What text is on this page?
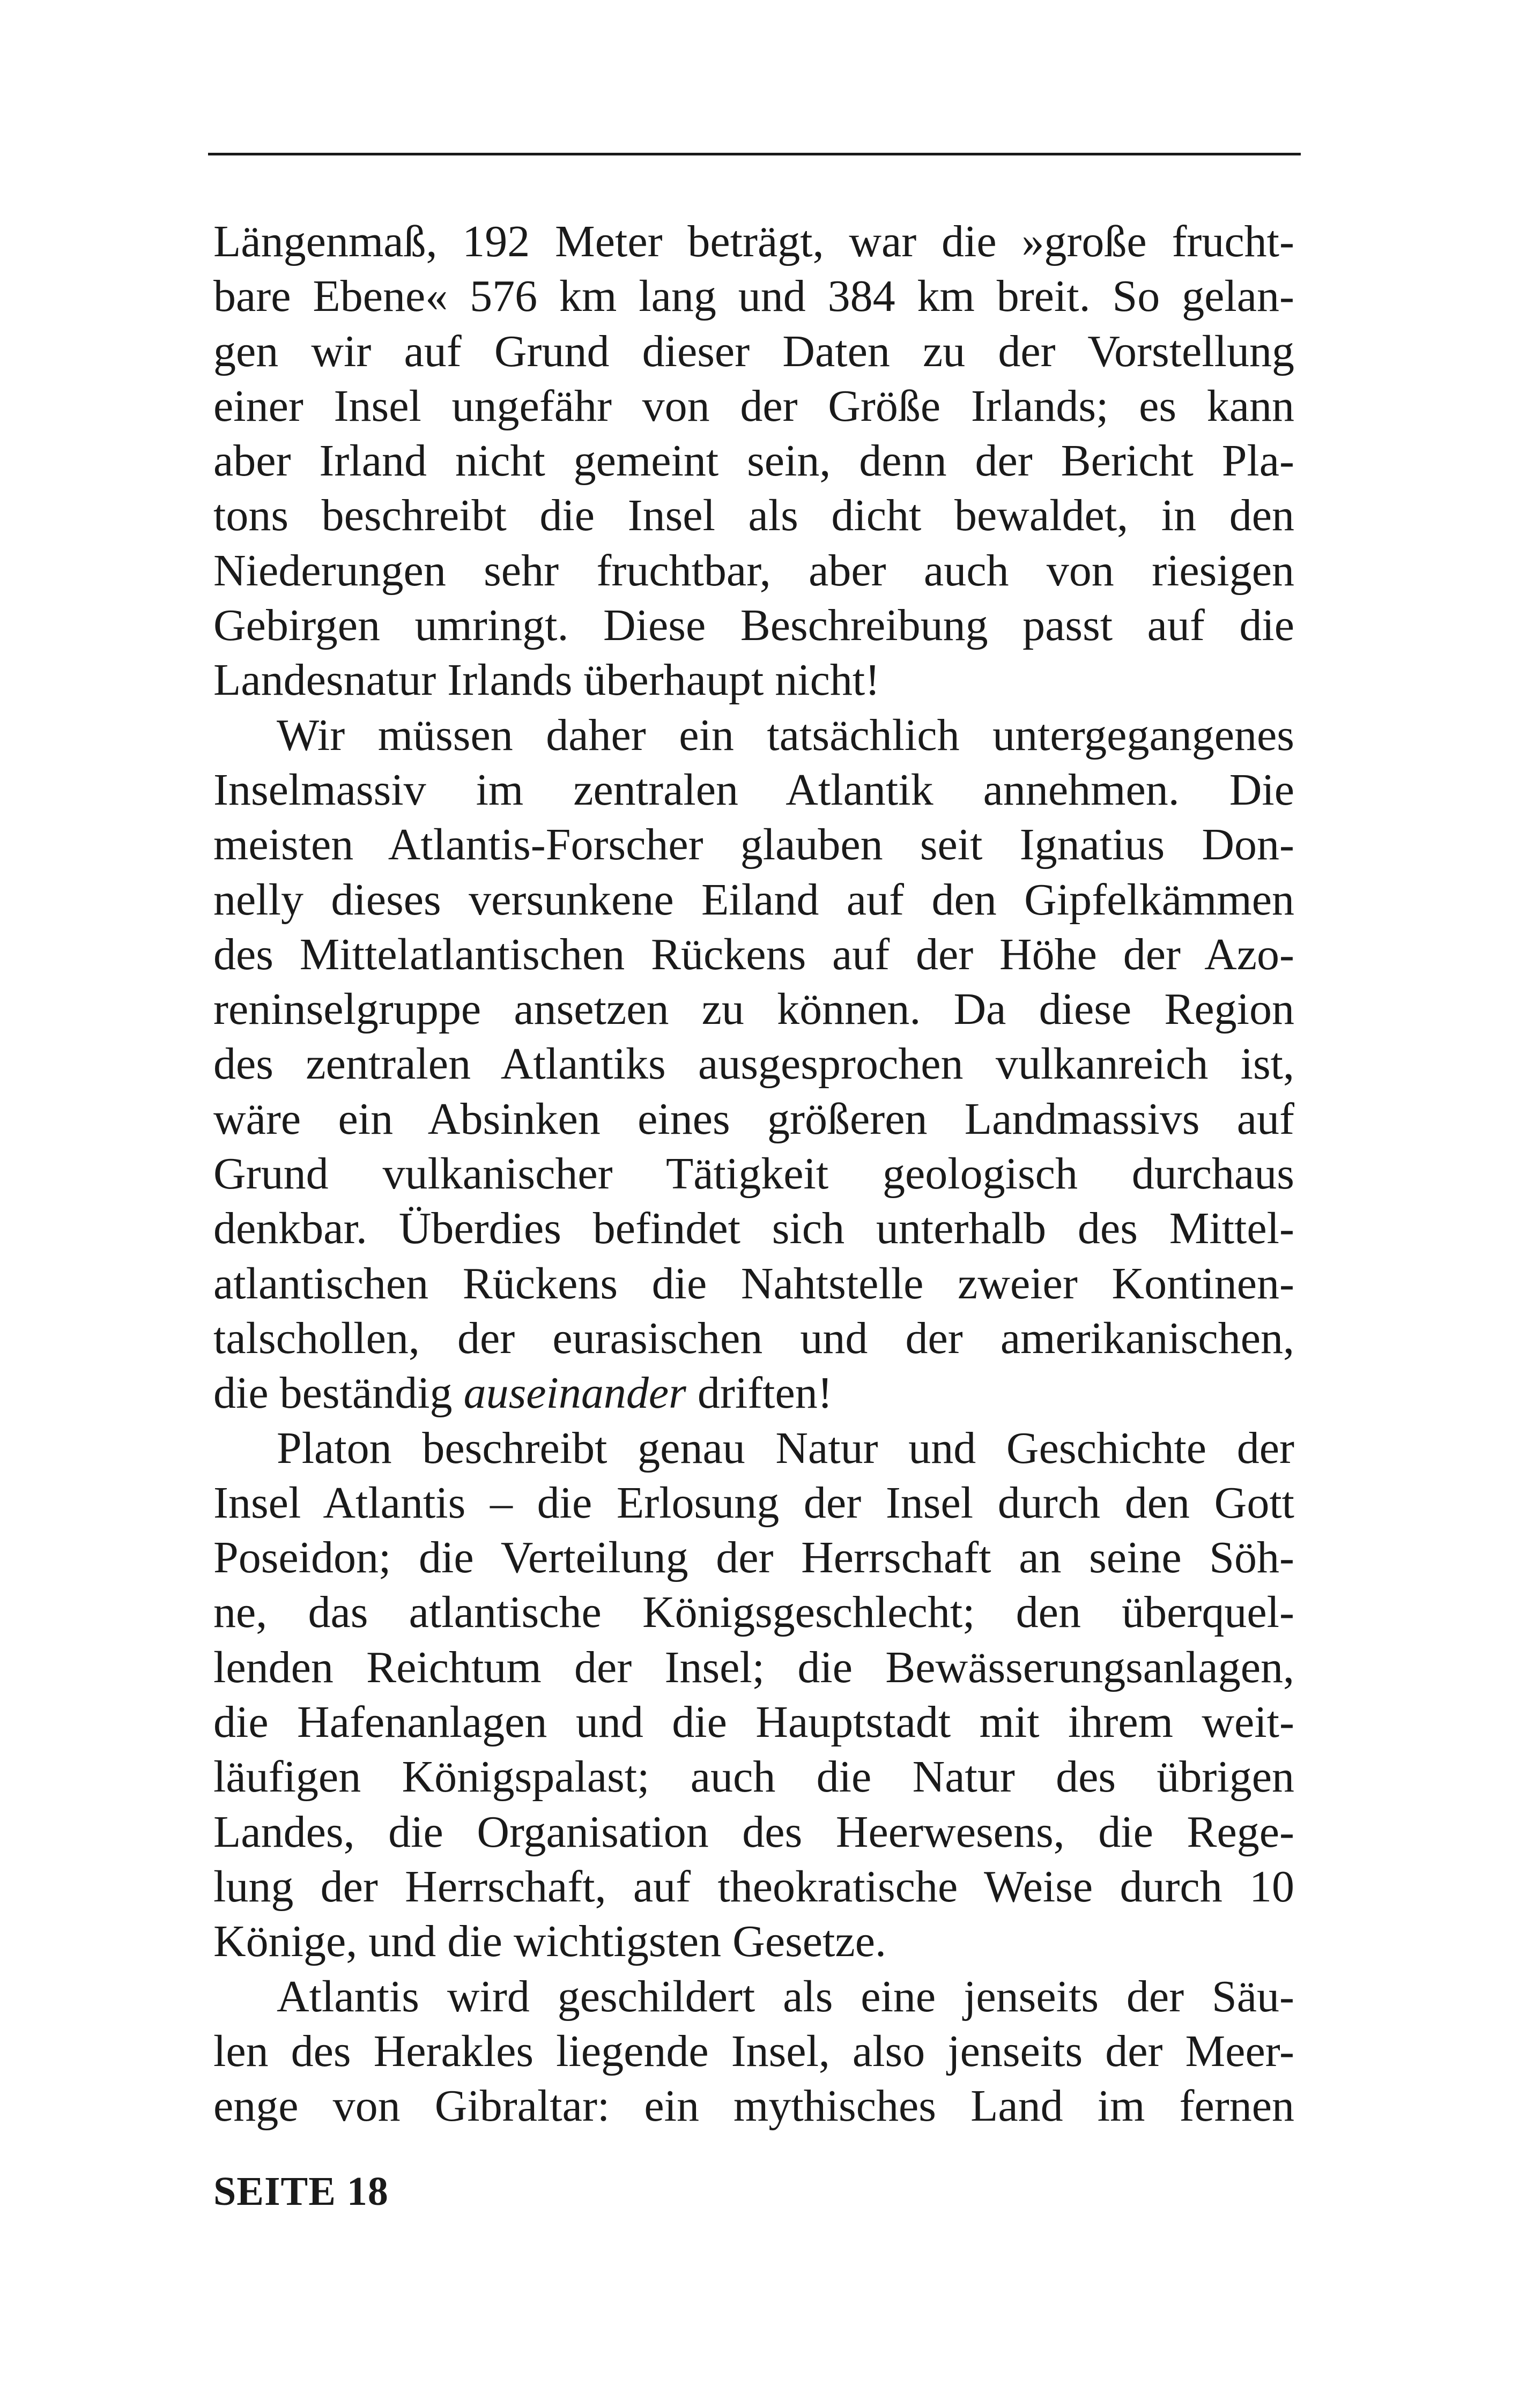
Längenmaß, 192 Meter beträgt, war die »große frucht-
bare Ebene« 576 km lang und 384 km breit. So gelan-
gen wir auf Grund dieser Daten zu der Vorstellung
einer Insel ungefähr von der Größe Irlands; es kann
aber Irland nicht gemeint sein, denn der Bericht Pla-
tons beschreibt die Insel als dicht bewaldet, in den
Niederungen sehr fruchtbar, aber auch von riesigen
Gebirgen umringt. Diese Beschreibung passt auf die
Landesnatur Irlands überhaupt nicht!
Wir müssen daher ein tatsächlich untergegangenes
Inselmassiv im zentralen Atlantik annehmen. Die
meisten Atlantis-Forscher glauben seit Ignatius Don-
nelly dieses versunkene Eiland auf den Gipfelkämmen
des Mittelatlantischen Rückens auf der Höhe der Azo-
reninselgruppe ansetzen zu können. Da diese Region
des zentralen Atlantiks ausgesprochen vulkanreich ist,
wäre ein Absinken eines größeren Landmassivs auf
Grund vulkanischer Tätigkeit geologisch durchaus
denkbar. Überdies befindet sich unterhalb des Mittel-
atlantischen Rückens die Nahtstelle zweier Kontinen-
talschollen, der eurasischen und der amerikanischen,
die beständig auseinander driften!
Platon beschreibt genau Natur und Geschichte der
Insel Atlantis – die Erlosung der Insel durch den Gott
Poseidon; die Verteilung der Herrschaft an seine Söh-
ne, das atlantische Königsgeschlecht; den überquel-
lenden Reichtum der Insel; die Bewässerungsanlagen,
die Hafenanlagen und die Hauptstadt mit ihrem weit-
läufigen Königspalast; auch die Natur des übrigen
Landes, die Organisation des Heerwesens, die Rege-
lung der Herrschaft, auf theokratische Weise durch 10
Könige, und die wichtigsten Gesetze.
Atlantis wird geschildert als eine jenseits der Säu-
len des Herakles liegende Insel, also jenseits der Meer-
enge von Gibraltar: ein mythisches Land im fernen
SEITE 18
